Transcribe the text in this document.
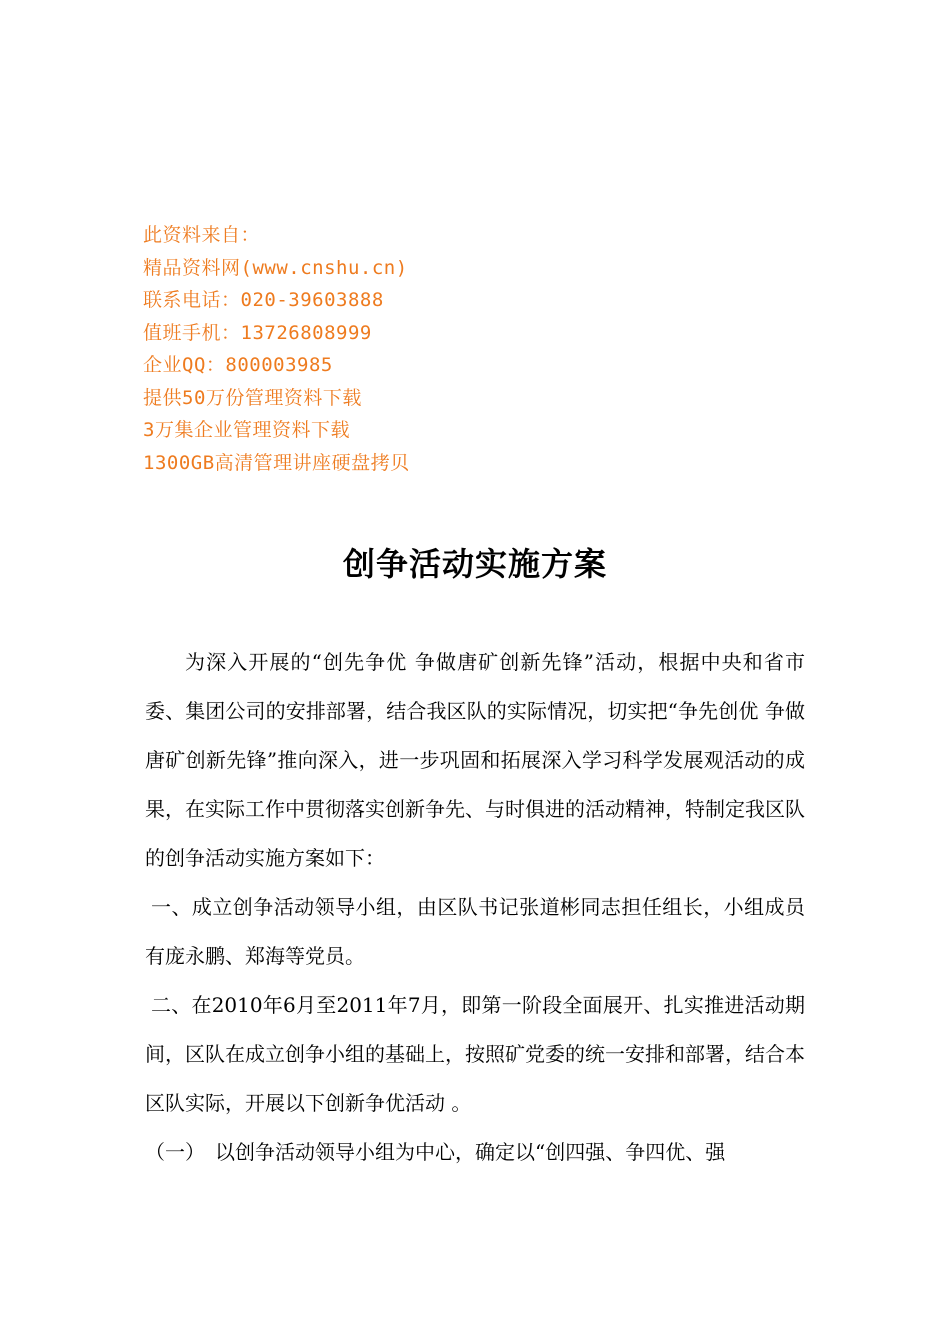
此资料来自：
精品资料网(www.cnshu.cn)
联系电话：020-39603888
值班手机：13726808999
企业QQ：800003985
提供50万份管理资料下载
3万集企业管理资料下载
1300GB高清管理讲座硬盘拷贝
创争活动实施方案

为深入开展的“创先争优 争做唐矿创新先锋”活动，根据中央和省市委、集团公司的安排部署，结合我区队的实际情况，切实把“争先创优 争做唐矿创新先锋”推向深入，进一步巩固和拓展深入学习科学发展观活动的成果，在实际工作中贯彻落实创新争先、与时俱进的活动精神，特制定我区队的创争活动实施方案如下：

一、成立创争活动领导小组，由区队书记张道彬同志担任组长，小组成员有庞永鹏、郑海等党员。

二、在2010年6月至2011年7月，即第一阶段全面展开、扎实推进活动期间，区队在成立创争小组的基础上，按照矿党委的统一安排和部署，结合本区队实际，开展以下创新争优活动 。

（一）　以创争活动领导小组为中心，确定以“创四强、争四优、强
